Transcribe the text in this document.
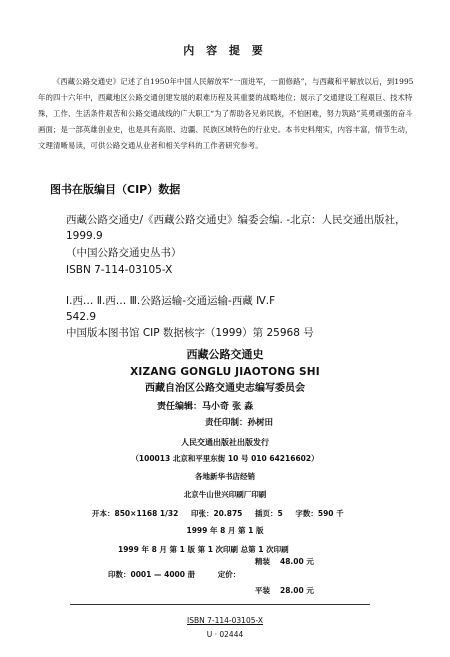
内 容 提 要

《西藏公路交通史》记述了自1950年中国人民解放军“一面进军，一面修路”，与西藏和平解放以后，到1995年的四十六年中，西藏地区公路交通创建发展的艰难历程及其重要的战略地位；展示了交通建设工程艰巨、技术特殊，工作、生活条件艰苦和公路交通战线的广大职工“为了帮助各兄弟民族，不怕困难，努力筑路”英勇顽强的奋斗画面；是一部英雄创业史，也是具有高原、边疆、民族区域特色的行业史。本书史料翔实，内容丰富，情节生动，文理清晰易读，可供公路交通从业者和相关学科的工作者研究参考。

图书在版编目（CIP）数据

西藏公路交通史/《西藏公路交通史》编委会编. -北京：人民交通出版社，1999.9

（中国公路交通史丛书）
ISBN 7-114-03105-X
Ⅰ.西… Ⅱ.西… Ⅲ.公路运输-交通运输-西藏 Ⅳ.F
542.9
中国版本图书馆 CIP 数据核字（1999）第 25968 号
西藏公路交通史
XIZANG GONGLU JIAOTONG SHI
西藏自治区公路交通史志编写委员会
责任编辑：马小奇 张 淼
责任印制：孙树田
人民交通出版社出版发行
（100013 北京和平里东街 10 号 010 64216602）
各地新华书店经销
北京牛山世兴印刷厂印刷
开本：850×1168 1/32 印张：20.875 插页：5 字数：590 千
1999 年 8 月 第 1 版
1999 年 8 月 第 1 版 第 1 次印刷 总第 1 次印刷
精装 48.00 元
印数：0001 — 4000 册	定价：
平装 28.00 元
ISBN 7-114-03105-X
U · 02444
